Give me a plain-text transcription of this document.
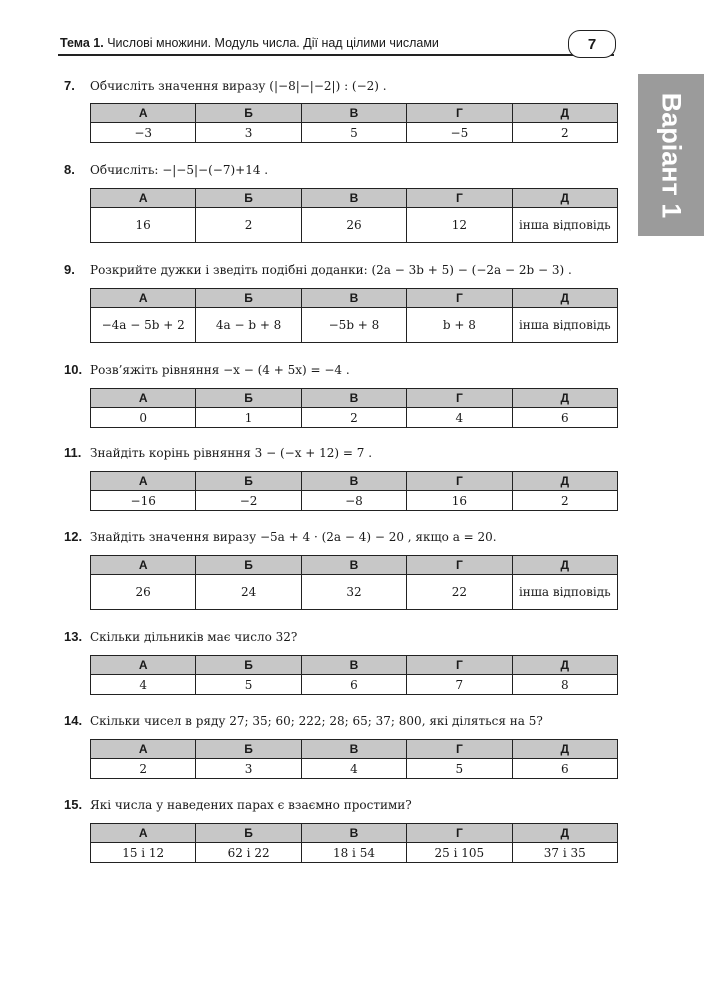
Тема 1. Числові множини. Модуль числа. Дії над цілими числами	7
Варіант 1
7. Обчисліть значення виразу (|−8|−|−2|) : (−2) .
А	Б	В	Г	Д
−3	3	5	−5	2
8. Обчисліть: −|−5|−(−7)+14 .
А	Б	В	Г	Д
16	2	26	12	інша відповідь
9. Розкрийте дужки і зведіть подібні доданки: (2a − 3b + 5) − (−2a − 2b − 3) .
А	Б	В	Г	Д
−4a − 5b + 2	4a − b + 8	−5b + 8	b + 8	інша відповідь
10. Розв’яжіть рівняння −x − (4 + 5x) = −4 .
А	Б	В	Г	Д
0	1	2	4	6
11. Знайдіть корінь рівняння 3 − (−x + 12) = 7 .
А	Б	В	Г	Д
−16	−2	−8	16	2
12. Знайдіть значення виразу −5a + 4 · (2a − 4) − 20 , якщо a = 20.
А	Б	В	Г	Д
26	24	32	22	інша відповідь
13. Скільки дільників має число 32?
А	Б	В	Г	Д
4	5	6	7	8
14. Скільки чисел в ряду 27; 35; 60; 222; 28; 65; 37; 800, які діляться на 5?
А	Б	В	Г	Д
2	3	4	5	6
15. Які числа у наведених парах є взаємно простими?
А	Б	В	Г	Д
15 і 12	62 і 22	18 і 54	25 і 105	37 і 35
